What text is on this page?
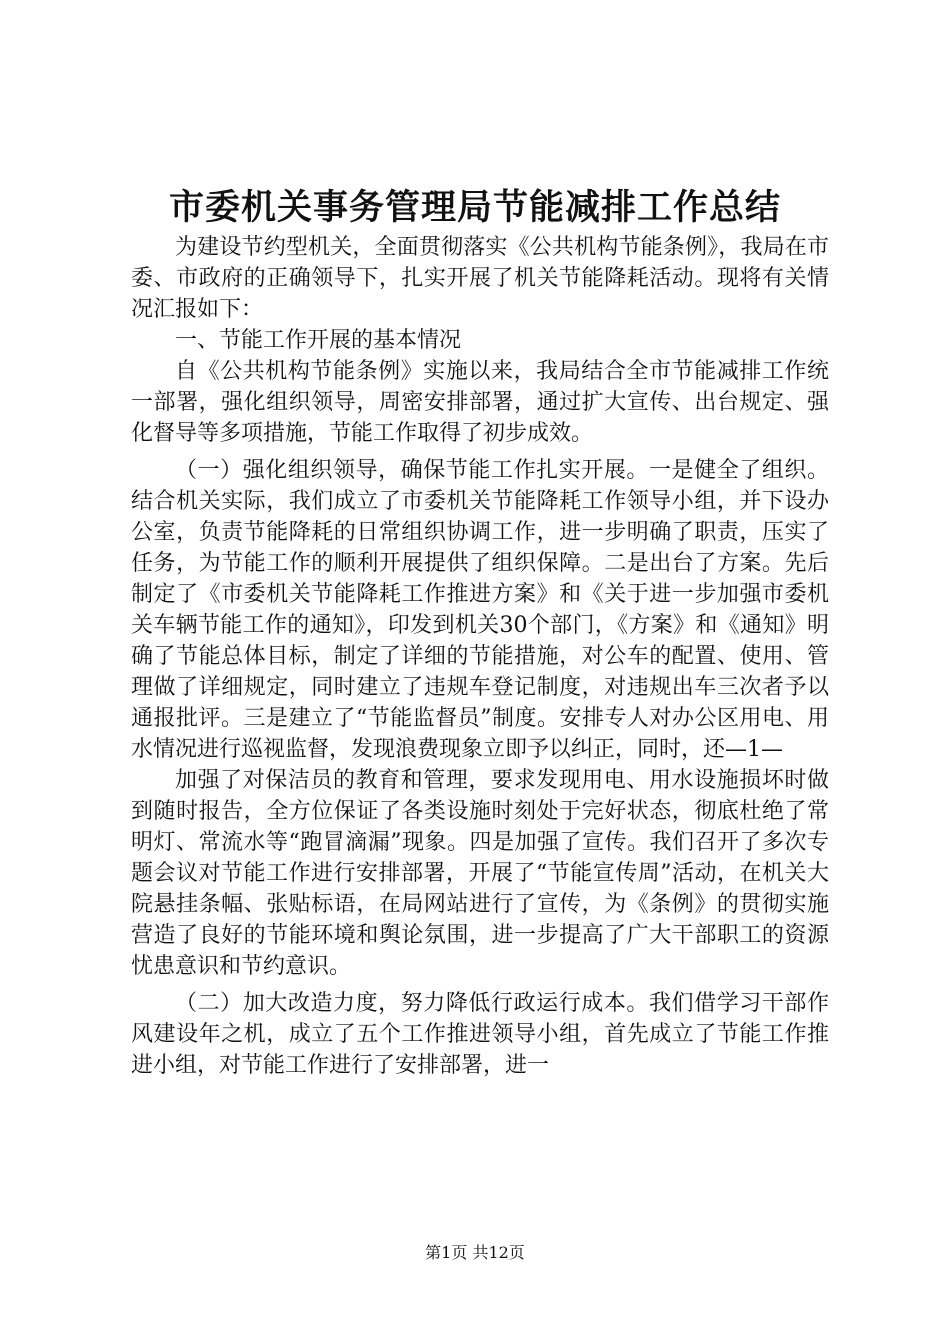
市委机关事务管理局节能减排工作总结

为建设节约型机关，全面贯彻落实《公共机构节能条例》，我局在市委、市政府的正确领导下，扎实开展了机关节能降耗活动。现将有关情况汇报如下：

一、节能工作开展的基本情况

自《公共机构节能条例》实施以来，我局结合全市节能减排工作统一部署，强化组织领导，周密安排部署，通过扩大宣传、出台规定、强化督导等多项措施，节能工作取得了初步成效。

（一）强化组织领导，确保节能工作扎实开展。一是健全了组织。结合机关实际，我们成立了市委机关节能降耗工作领导小组，并下设办公室，负责节能降耗的日常组织协调工作，进一步明确了职责，压实了任务，为节能工作的顺利开展提供了组织保障。二是出台了方案。先后制定了《市委机关节能降耗工作推进方案》和《关于进一步加强市委机关车辆节能工作的通知》，印发到机关30个部门，《方案》和《通知》明确了节能总体目标，制定了详细的节能措施，对公车的配置、使用、管理做了详细规定，同时建立了违规车登记制度，对违规出车三次者予以通报批评。三是建立了“节能监督员”制度。安排专人对办公区用电、用水情况进行巡视监督，发现浪费现象立即予以纠正，同时，还—1—

加强了对保洁员的教育和管理，要求发现用电、用水设施损坏时做到随时报告，全方位保证了各类设施时刻处于完好状态，彻底杜绝了常明灯、常流水等“跑冒滴漏”现象。四是加强了宣传。我们召开了多次专题会议对节能工作进行安排部署，开展了“节能宣传周”活动，在机关大院悬挂条幅、张贴标语，在局网站进行了宣传，为《条例》的贯彻实施营造了良好的节能环境和舆论氛围，进一步提高了广大干部职工的资源忧患意识和节约意识。

（二）加大改造力度，努力降低行政运行成本。我们借学习干部作风建设年之机，成立了五个工作推进领导小组，首先成立了节能工作推进小组，对节能工作进行了安排部署，进一

第1页 共12页
